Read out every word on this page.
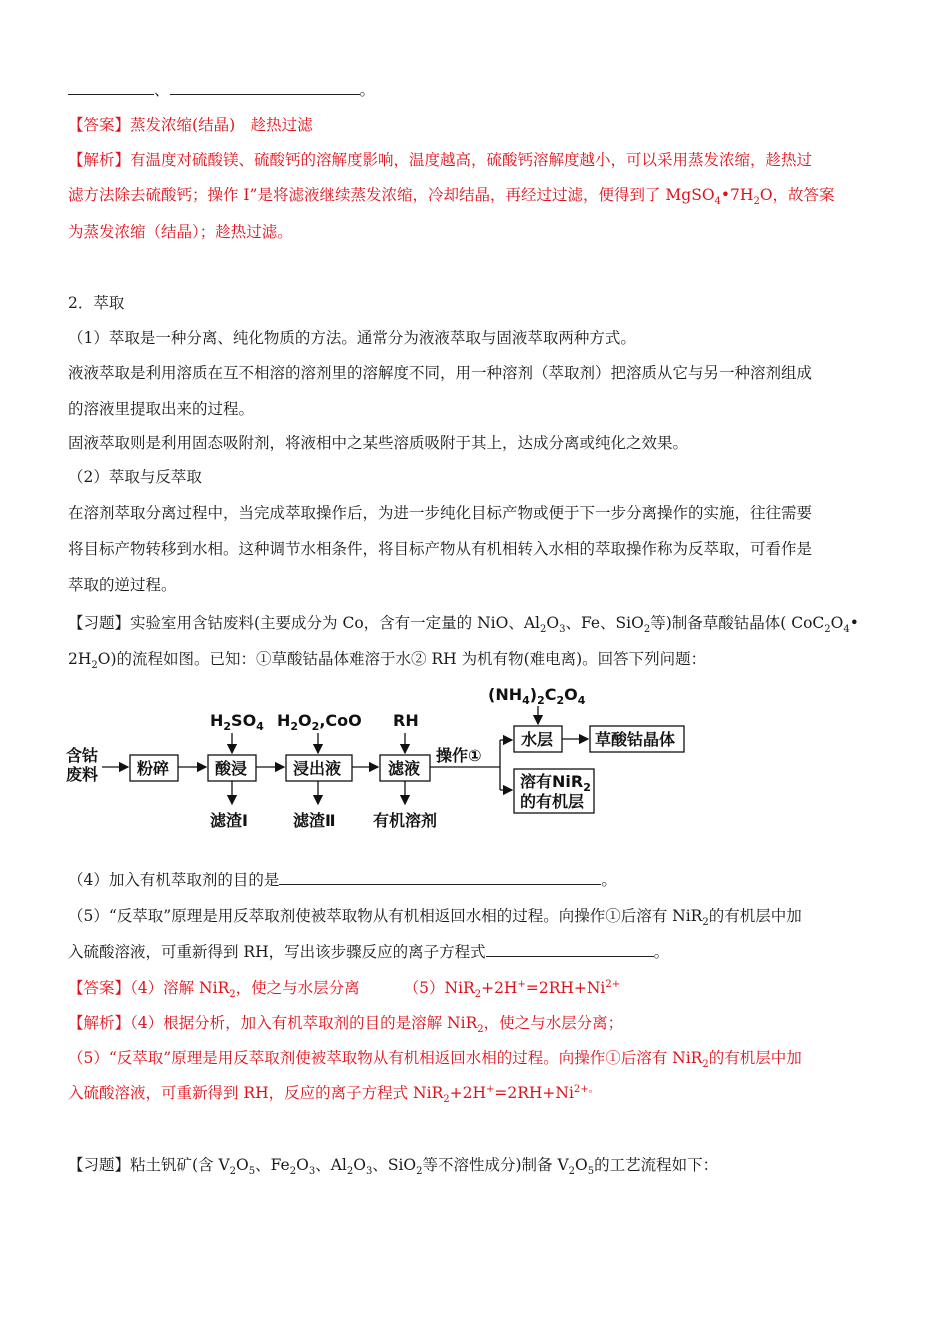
、	。
【答案】蒸发浓缩(结晶)　趁热过滤
【解析】有温度对硫酸镁、硫酸钙的溶解度影响，温度越高，硫酸钙溶解度越小，可以采用蒸发浓缩，趁热过
滤方法除去硫酸钙；操作 I”是将滤液继续蒸发浓缩，冷却结晶，再经过过滤，便得到了 $MgSO_4•7H_2O$，故答案
为蒸发浓缩（结晶）；趁热过滤。
2．萃取
（1）萃取是一种分离、纯化物质的方法。通常分为液液萃取与固液萃取两种方式。
液液萃取是利用溶质在互不相溶的溶剂里的溶解度不同，用一种溶剂（萃取剂）把溶质从它与另一种溶剂组成
的溶液里提取出来的过程。
固液萃取则是利用固态吸附剂，将液相中之某些溶质吸附于其上，达成分离或纯化之效果。
（2）萃取与反萃取
在溶剂萃取分离过程中，当完成萃取操作后，为进一步纯化目标产物或便于下一步分离操作的实施，往往需要
将目标产物转移到水相。这种调节水相条件，将目标产物从有机相转入水相的萃取操作称为反萃取，可看作是
萃取的逆过程。
【习题】实验室用含钴废料(主要成分为 Co，含有一定量的 NiO、$Al_2O_3$、Fe、SiO$_2$等)制备草酸钴晶体( $CoC_2O_4•$
$2H_2O$)的流程如图。已知：①草酸钴晶体难溶于水② RH 为机有物(难电离)。回答下列问题：
含钴
废料 粉碎	酸浸	浸出液	滤液
操作①
水层	草酸钴晶体
溶有NiR$_2$
的有机层
$H_2SO_4$ $H_2O_2,CoO$ RH
$(NH_4)_2C_2O_4$
滤渣Ⅰ	滤渣Ⅱ 有机溶剂
（4）加入有机萃取剂的目的是	。
（5）“反萃取”原理是用反萃取剂使被萃取物从有机相返回水相的过程。向操作①后溶有 NiR$_2$的有机层中加
入硫酸溶液，可重新得到 RH，写出该步骤反应的离子方程式	。
【答案】（4）溶解 NiR$_2$，使之与水层分离	$(5)NiR_2+2H^+=2RH+Ni^{2+}$
【解析】（4）根据分析，加入有机萃取剂的目的是溶解 NiR$_2$，使之与水层分离；
（5）“反萃取”原理是用反萃取剂使被萃取物从有机相返回水相的过程。向操作①后溶有 NiR$_2$的有机层中加
入硫酸溶液，可重新得到 RH，反应的离子方程式 $NiR_2+2H^+=2RH+Ni^{2+。}$
【习题】粘土钒矿(含 $V_2O_5$、$Fe_2O_3$、$Al_2O_3$、SiO$_2$等不溶性成分)制备 $V_2O_5$的工艺流程如下：
